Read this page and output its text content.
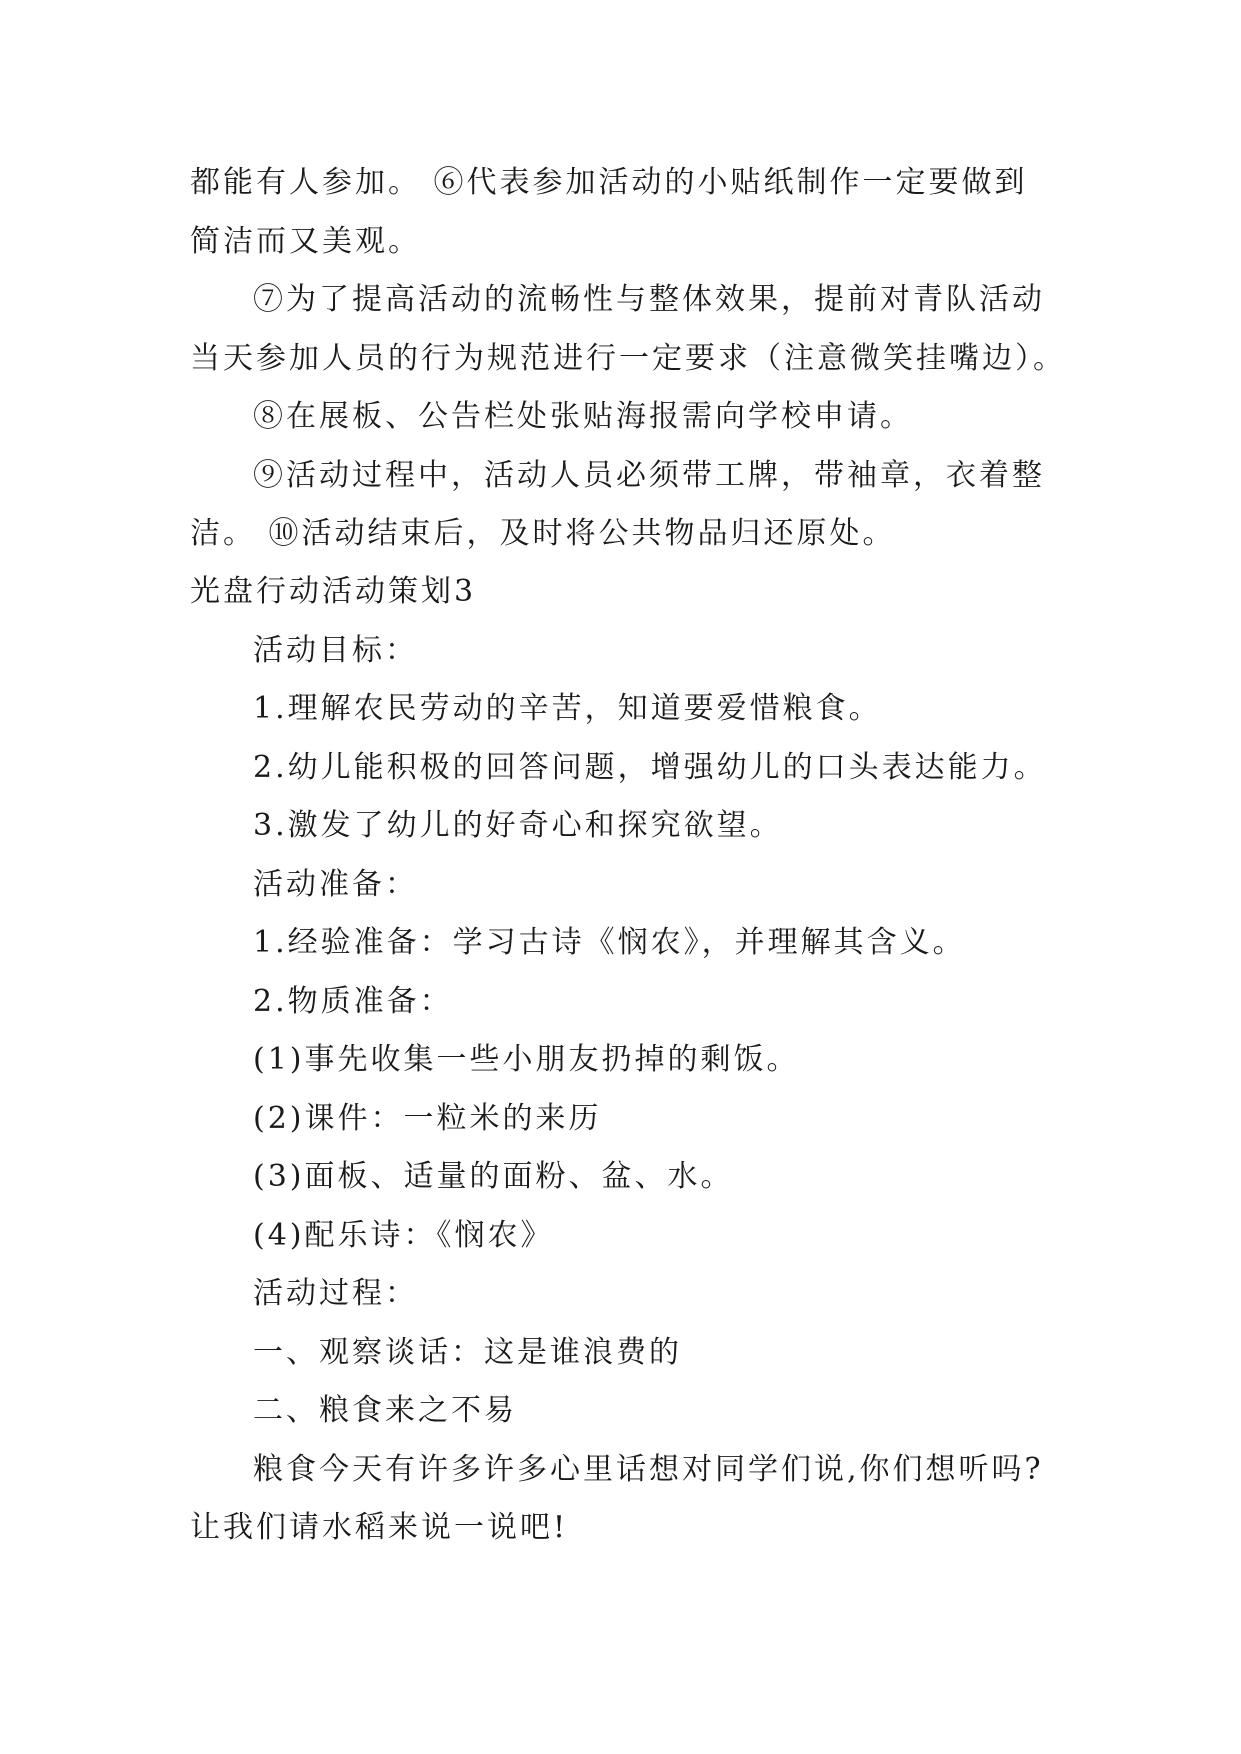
都能有人参加。 ⑥代表参加活动的小贴纸制作一定要做到
简洁而又美观。
⑦为了提高活动的流畅性与整体效果，提前对青队活动
当天参加人员的行为规范进行一定要求（注意微笑挂嘴边）。
⑧在展板、公告栏处张贴海报需向学校申请。
⑨活动过程中，活动人员必须带工牌，带袖章，衣着整
洁。 ⑩活动结束后，及时将公共物品归还原处。
光盘行动活动策划3
活动目标：
1.理解农民劳动的辛苦，知道要爱惜粮食。
2.幼儿能积极的回答问题，增强幼儿的口头表达能力。
3.激发了幼儿的好奇心和探究欲望。
活动准备：
1.经验准备：学习古诗《悯农》，并理解其含义。
2.物质准备：
(1)事先收集一些小朋友扔掉的剩饭。
(2)课件：一粒米的来历
(3)面板、适量的面粉、盆、水。
(4)配乐诗：《悯农》
活动过程：
一、观察谈话：这是谁浪费的
二、粮食来之不易
粮食今天有许多许多心里话想对同学们说,你们想听吗?
让我们请水稻来说一说吧!
